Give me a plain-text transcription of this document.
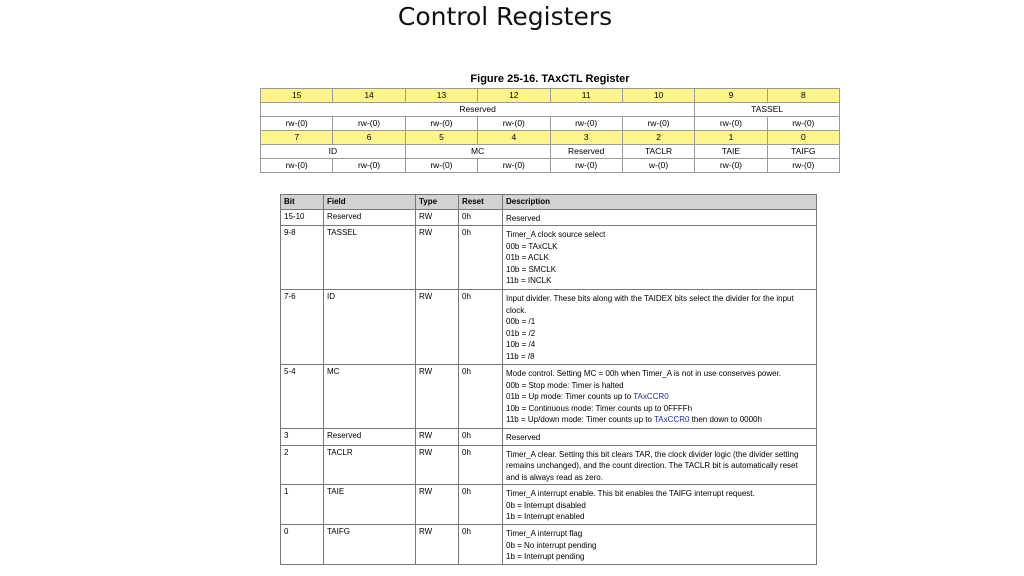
Control Registers
Figure 25-16. TAxCTL Register
15	14	13	12	11	10	9	8
Reserved						TASSEL	
rw-(0)	rw-(0)	rw-(0)	rw-(0)	rw-(0)	rw-(0)	rw-(0)	rw-(0)
7	6	5	4	3	2	1	0
ID		MC		Reserved	TACLR	TAIE	TAIFG
rw-(0)	rw-(0)	rw-(0)	rw-(0)	rw-(0)	w-(0)	rw-(0)	rw-(0)
Bit	Field	Type	Reset	Description
15-10	Reserved	RW	0h	Reserved

9-8	TASSEL	RW	0h	Timer_A clock source select
00b = TAxCLK
01b = ACLK
10b = SMCLK
11b = INCLK

7-6	ID	RW	0h	Input divider. These bits along with the TAIDEX bits select the divider for the input clock.
00b = /1
01b = /2
10b = /4
11b = /8

5-4	MC	RW	0h	Mode control. Setting MC = 00h when Timer_A is not in use conserves power.
00b = Stop mode: Timer is halted
01b = Up mode: Timer counts up to TAxCCR0
10b = Continuous mode: Timer counts up to 0FFFFh
11b = Up/down mode: Timer counts up to TAxCCR0 then down to 0000h

3	Reserved	RW	0h	Reserved

2	TACLR	RW	0h	Timer_A clear. Setting this bit clears TAR, the clock divider logic (the divider setting remains unchanged), and the count direction. The TACLR bit is automatically reset and is always read as zero.

1	TAIE	RW	0h	Timer_A interrupt enable. This bit enables the TAIFG interrupt request.
0b = Interrupt disabled
1b = Interrupt enabled

0	TAIFG	RW	0h	Timer_A interrupt flag
0b = No interrupt pending
1b = Interrupt pending
